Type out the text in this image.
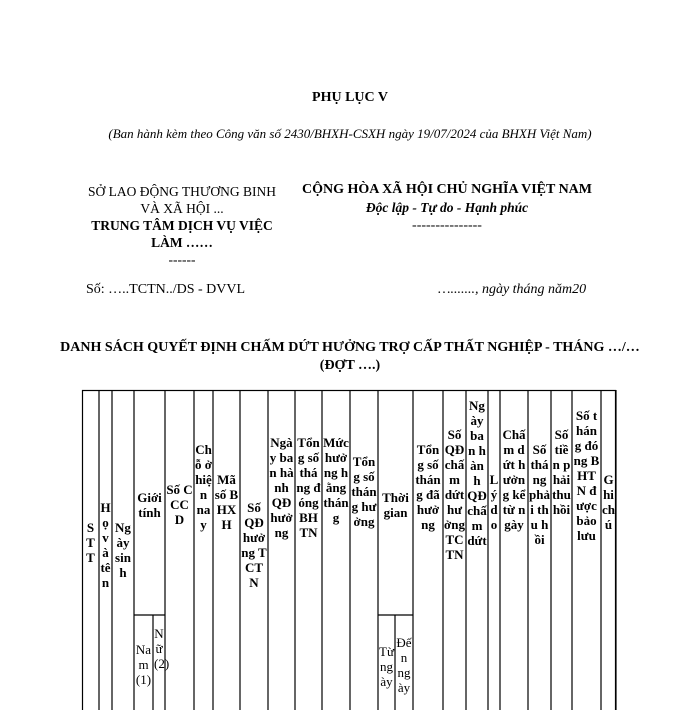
PHỤ LỤC V
(Ban hành kèm theo Công văn số 2430/BHXH-CSXH ngày 19/07/2024 của BHXH Việt Nam)
SỞ LAO ĐỘNG THƯƠNG BINH VÀ XÃ HỘI ...
TRUNG TÂM DỊCH VỤ VIỆC LÀM ……
------
CỘNG HÒA XÃ HỘI CHỦ NGHĨA VIỆT NAM
Độc lập - Tự do - Hạnh phúc
---------------
Số: …..TCTN../DS - DVVL	…......., ngày tháng năm20
DANH SÁCH QUYẾT ĐỊNH CHẤM DỨT HƯỞNG TRỢ CẤP THẤT NGHIỆP - THÁNG …/… (ĐỢT ….)
STT
Họ và tên
Ngày sinh
Giới tính
Số CCCD
Chỗ ở hiện nay
Mã số BHXH
Số QĐ hưởng TCTN
Ngày ban hành QĐ hưởng
Tổng số tháng đóng BHTN
Mức hưởng hằng tháng
Tổng số tháng hưởng
Thời gian
Tổng số tháng đã hưởng
Số QĐ chấm dứt hưởng TCTN
Ngày ban hành QĐ chấm dứt
Lý do
Chấm dứt hưởng kể từ ngày
Số tiền phải thu hồi
Số tháng phải thu hồi
Số tháng đóng BHTN được bảo lưu
Ghi chú
Nam (1)
Nữ (2)
Từ ngày
Đến ngày
